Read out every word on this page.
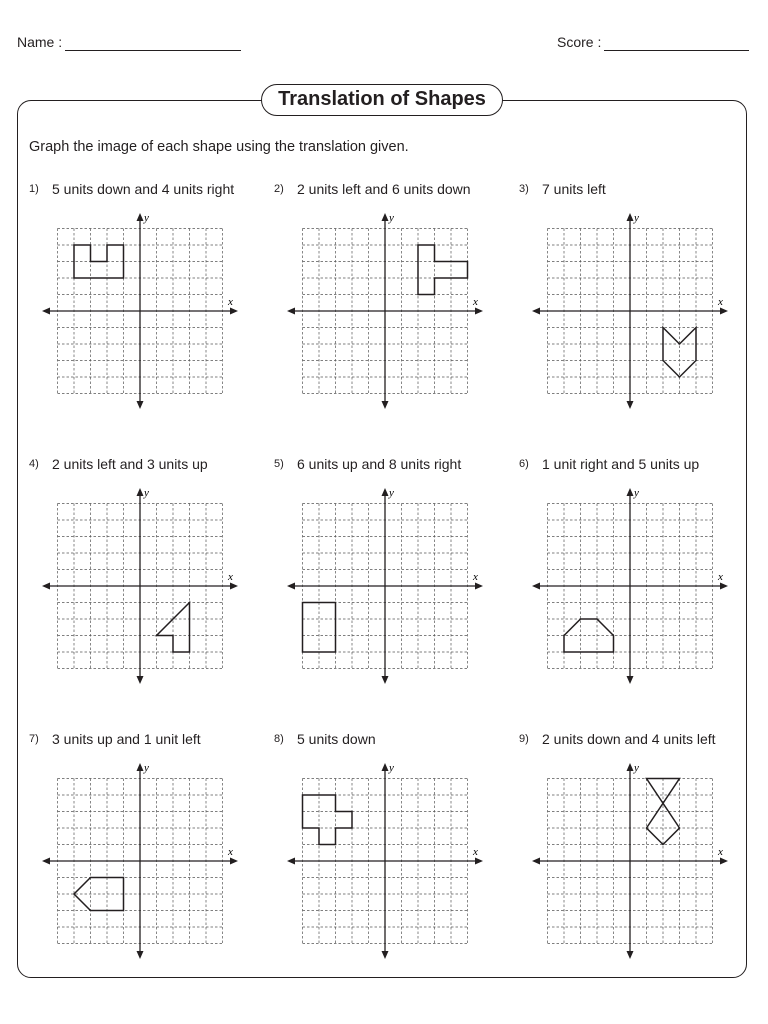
Name :	Score :
Translation of Shapes
Graph the image of each shape using the translation given.
1) 5 units down and 4 units right
x
y
2) 2 units left and 6 units down
x
y
3) 7 units left
x
y
4) 2 units left and 3 units up
x
y
5) 6 units up and 8 units right
x
y
6) 1 unit right and 5 units up
x
y
7) 3 units up and 1 unit left
x
y
8) 5 units down
x
y
9) 2 units down and 4 units left
x
y
